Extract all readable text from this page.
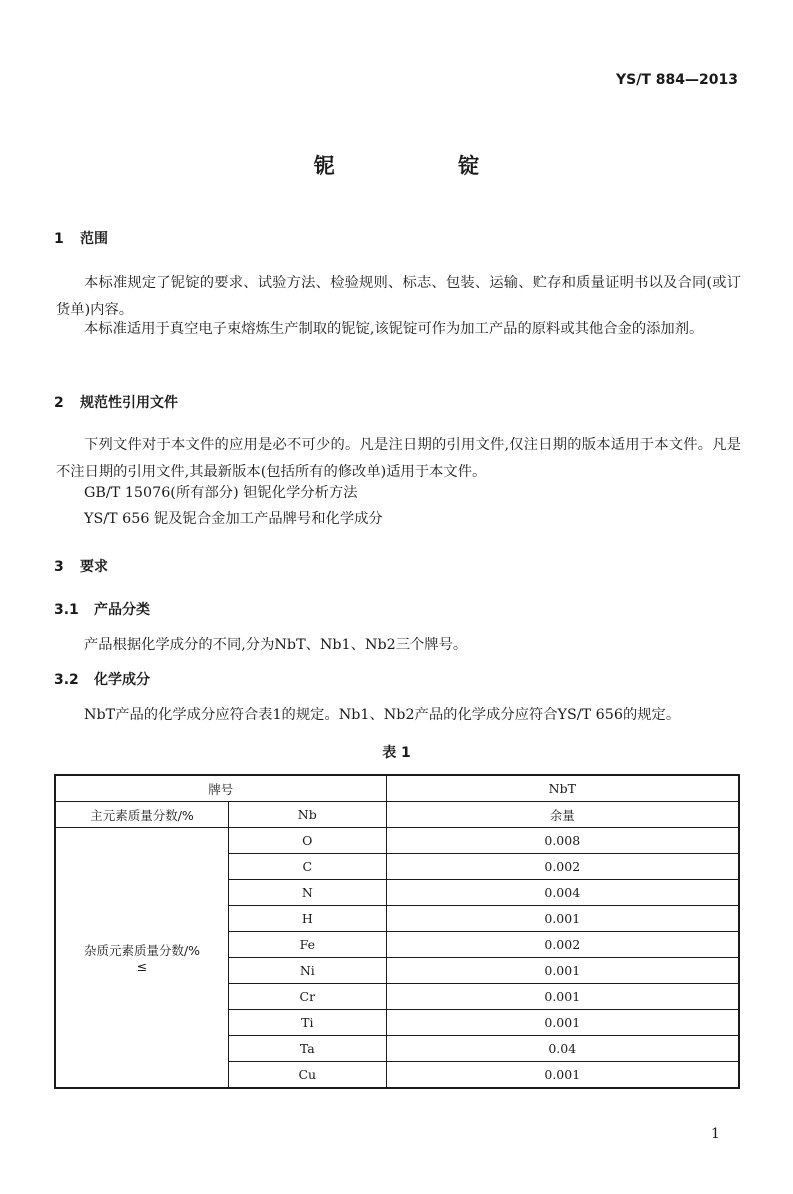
YS/T 884—2013
铌 锭
1 范围
本标准规定了铌锭的要求、试验方法、检验规则、标志、包装、运输、贮存和质量证明书以及合同(或订货单)内容。
本标准适用于真空电子束熔炼生产制取的铌锭,该铌锭可作为加工产品的原料或其他合金的添加剂。
2 规范性引用文件
下列文件对于本文件的应用是必不可少的。凡是注日期的引用文件,仅注日期的版本适用于本文件。凡是不注日期的引用文件,其最新版本(包括所有的修改单)适用于本文件。
GB/T 15076(所有部分) 钽铌化学分析方法
YS/T 656 铌及铌合金加工产品牌号和化学成分
3 要求
3.1 产品分类
产品根据化学成分的不同,分为NbT、Nb1、Nb2三个牌号。
3.2 化学成分
NbT产品的化学成分应符合表1的规定。Nb1、Nb2产品的化学成分应符合YS/T 656的规定。
表 1
牌号		NbT
主元素质量分数/%	Nb	余量

杂质元素质量分数/%
≤	O	0.008
	C	0.002
	N	0.004
	H	0.001
	Fe	0.002
	Ni	0.001
	Cr	0.001
	Ti	0.001
	Ta	0.04
	Cu	0.001
1
